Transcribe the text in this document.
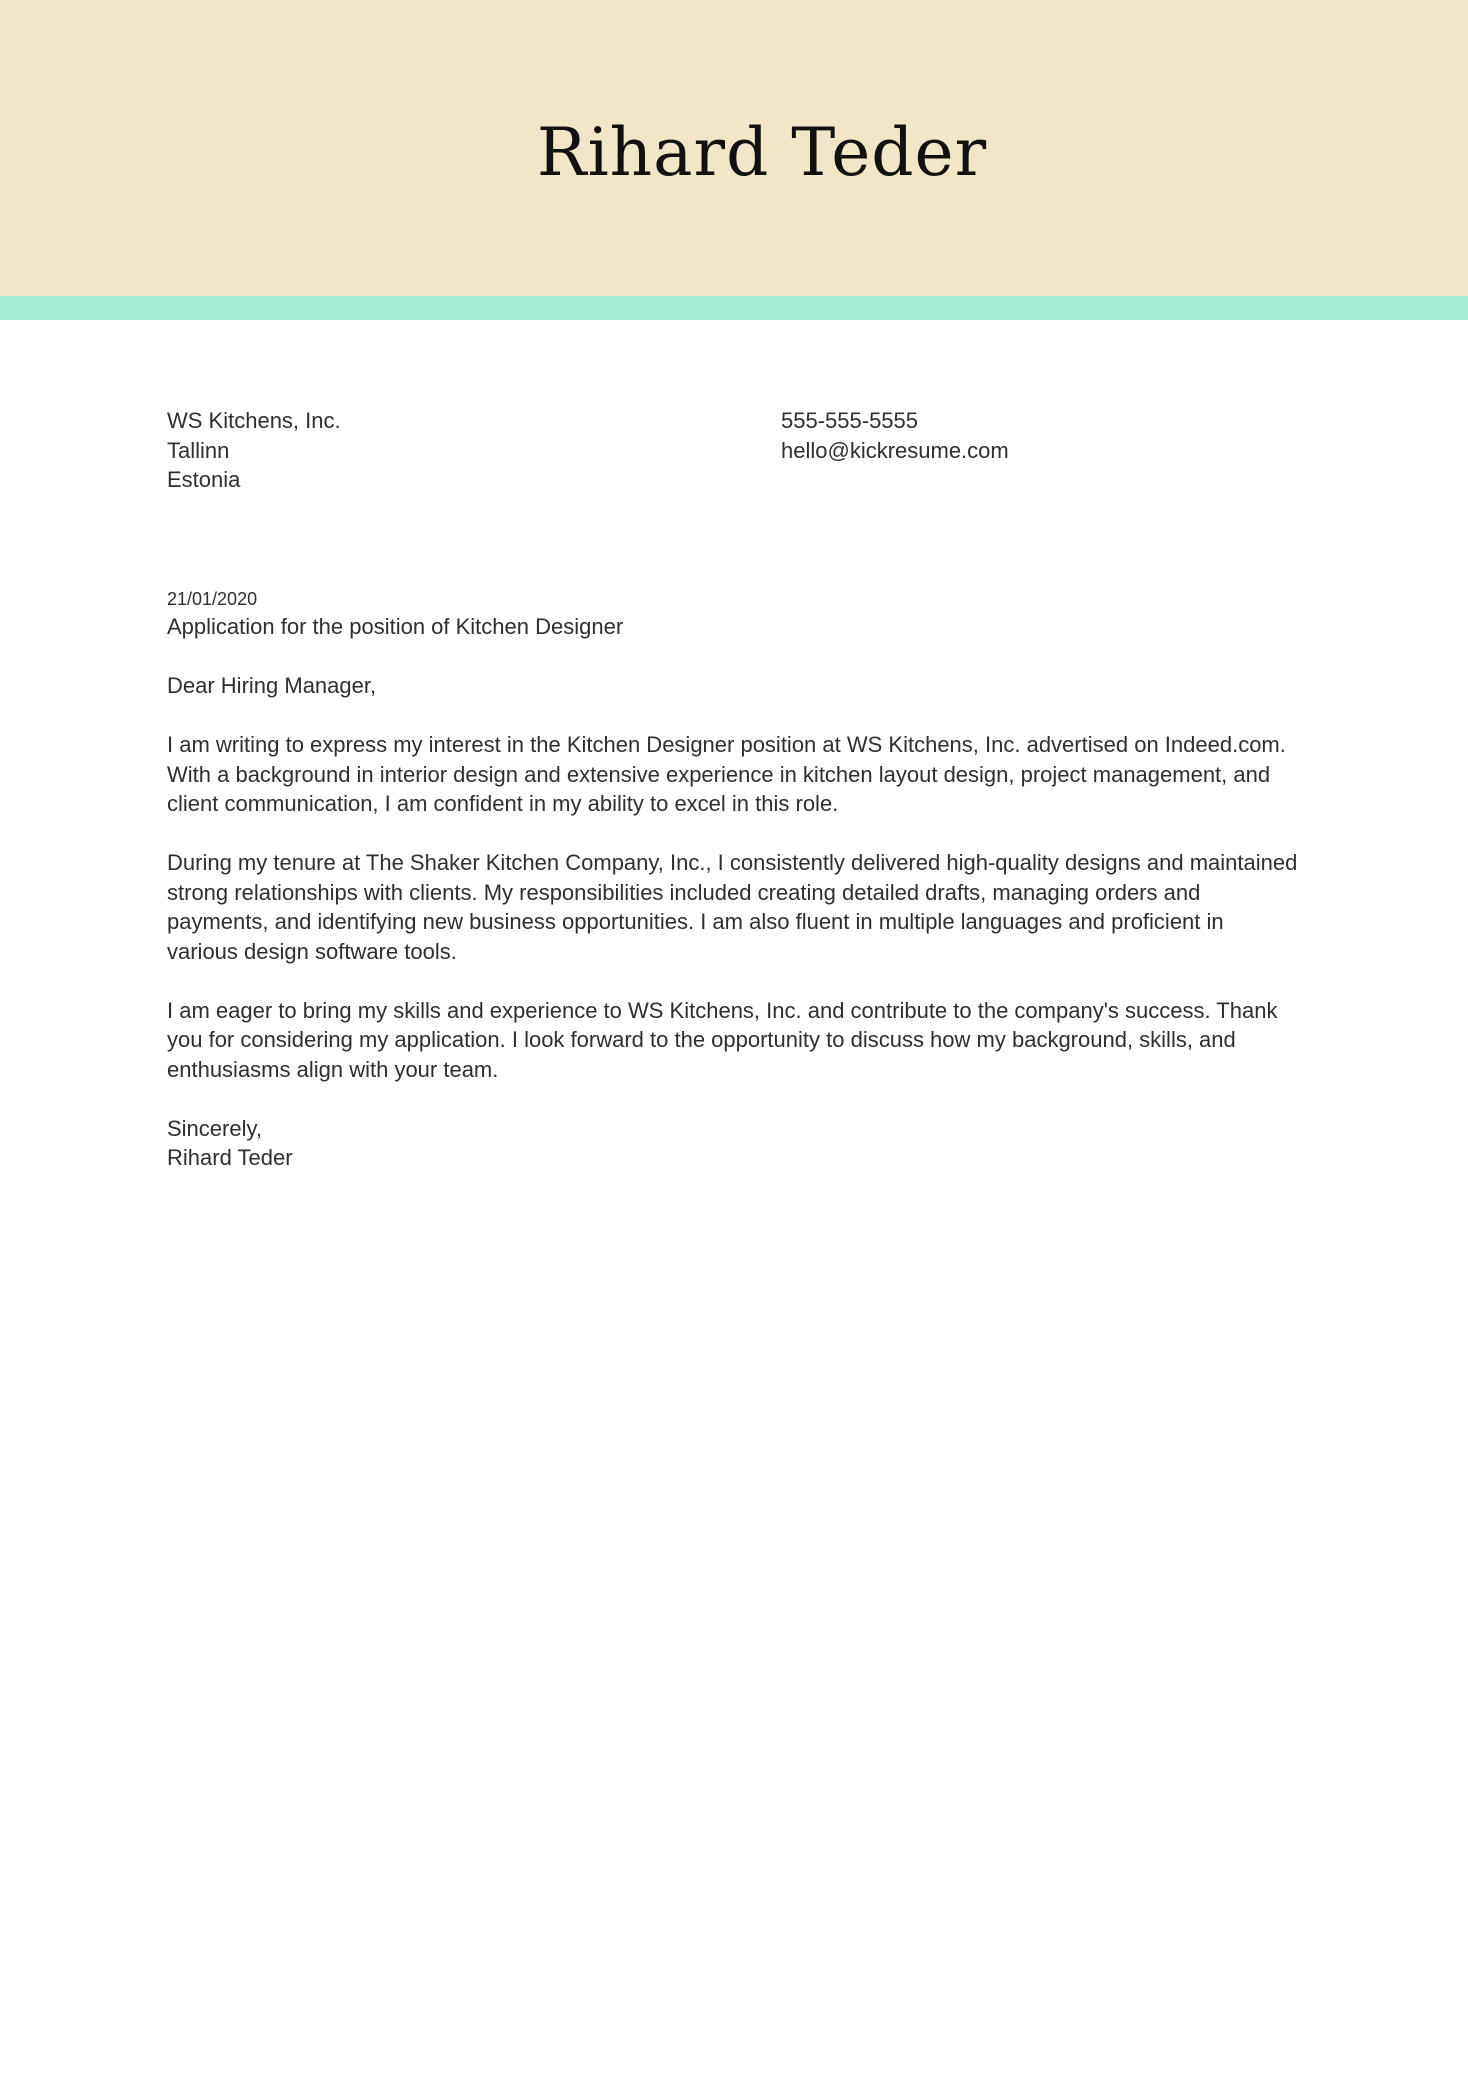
Rihard Teder
WS Kitchens, Inc.
Tallinn
Estonia
555-555-5555
hello@kickresume.com
21/01/2020
Application for the position of Kitchen Designer
Dear Hiring Manager,
I am writing to express my interest in the Kitchen Designer position at WS Kitchens, Inc. advertised on Indeed.com.
With a background in interior design and extensive experience in kitchen layout design, project management, and
client communication, I am confident in my ability to excel in this role.
During my tenure at The Shaker Kitchen Company, Inc., I consistently delivered high-quality designs and maintained
strong relationships with clients. My responsibilities included creating detailed drafts, managing orders and
payments, and identifying new business opportunities. I am also fluent in multiple languages and proficient in
various design software tools.
I am eager to bring my skills and experience to WS Kitchens, Inc. and contribute to the company's success. Thank
you for considering my application. I look forward to the opportunity to discuss how my background, skills, and
enthusiasms align with your team.
Sincerely,
Rihard Teder
